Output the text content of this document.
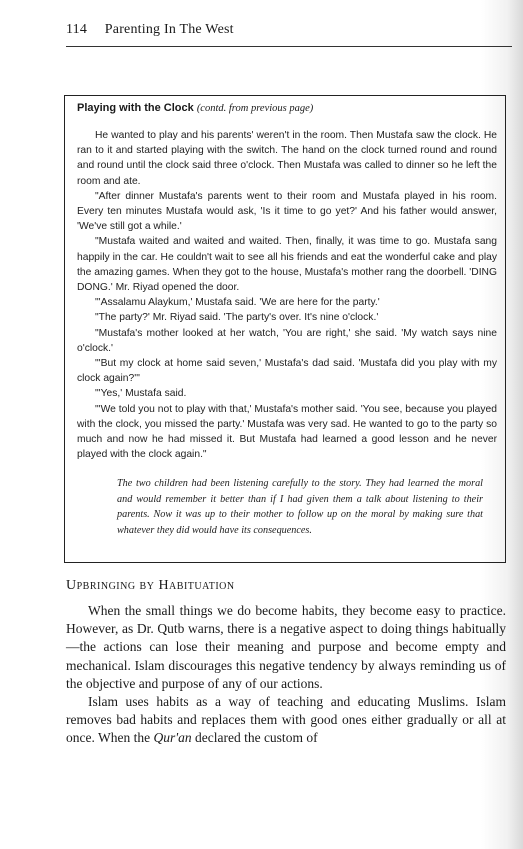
114 Parenting In The West
Playing with the Clock (contd. from previous page)

He wanted to play and his parents' weren't in the room. Then Mustafa saw the clock. He ran to it and started playing with the switch. The hand on the clock turned round and round and round until the clock said three o'clock. Then Mustafa was called to dinner so he left the room and ate.

"After dinner Mustafa's parents went to their room and Mustafa played in his room. Every ten minutes Mustafa would ask, 'Is it time to go yet?' And his father would answer, 'We've still got a while.'

"Mustafa waited and waited and waited. Then, finally, it was time to go. Mustafa sang happily in the car. He couldn't wait to see all his friends and eat the wonderful cake and play the amazing games. When they got to the house, Mustafa's mother rang the doorbell. 'DING DONG.' Mr. Riyad opened the door.

"'Assalamu Alaykum,' Mustafa said. 'We are here for the party.'

"The party?' Mr. Riyad said. 'The party's over. It's nine o'clock.'

"Mustafa's mother looked at her watch, 'You are right,' she said. 'My watch says nine o'clock.'

"'But my clock at home said seven,' Mustafa's dad said. 'Mustafa did you play with my clock again?'"

"'Yes,' Mustafa said.

"'We told you not to play with that,' Mustafa's mother said. 'You see, because you played with the clock, you missed the party.' Mustafa was very sad. He wanted to go to the party so much and now he had missed it. But Mustafa had learned a good lesson and he never played with the clock again."

The two children had been listening carefully to the story. They had learned the moral and would remember it better than if I had given them a talk about listening to their parents. Now it was up to their mother to follow up on the moral by making sure that whatever they did would have its consequences.
Upbringing by Habituation

When the small things we do become habits, they become easy to practice. However, as Dr. Qutb warns, there is a negative aspect to doing things habitually—the actions can lose their meaning and purpose and become empty and mechanical. Islam discourages this negative tendency by always reminding us of the objective and purpose of any of our actions.

Islam uses habits as a way of teaching and educating Muslims. Islam removes bad habits and replaces them with good ones either gradually or all at once. When the Qur'an declared the custom of
